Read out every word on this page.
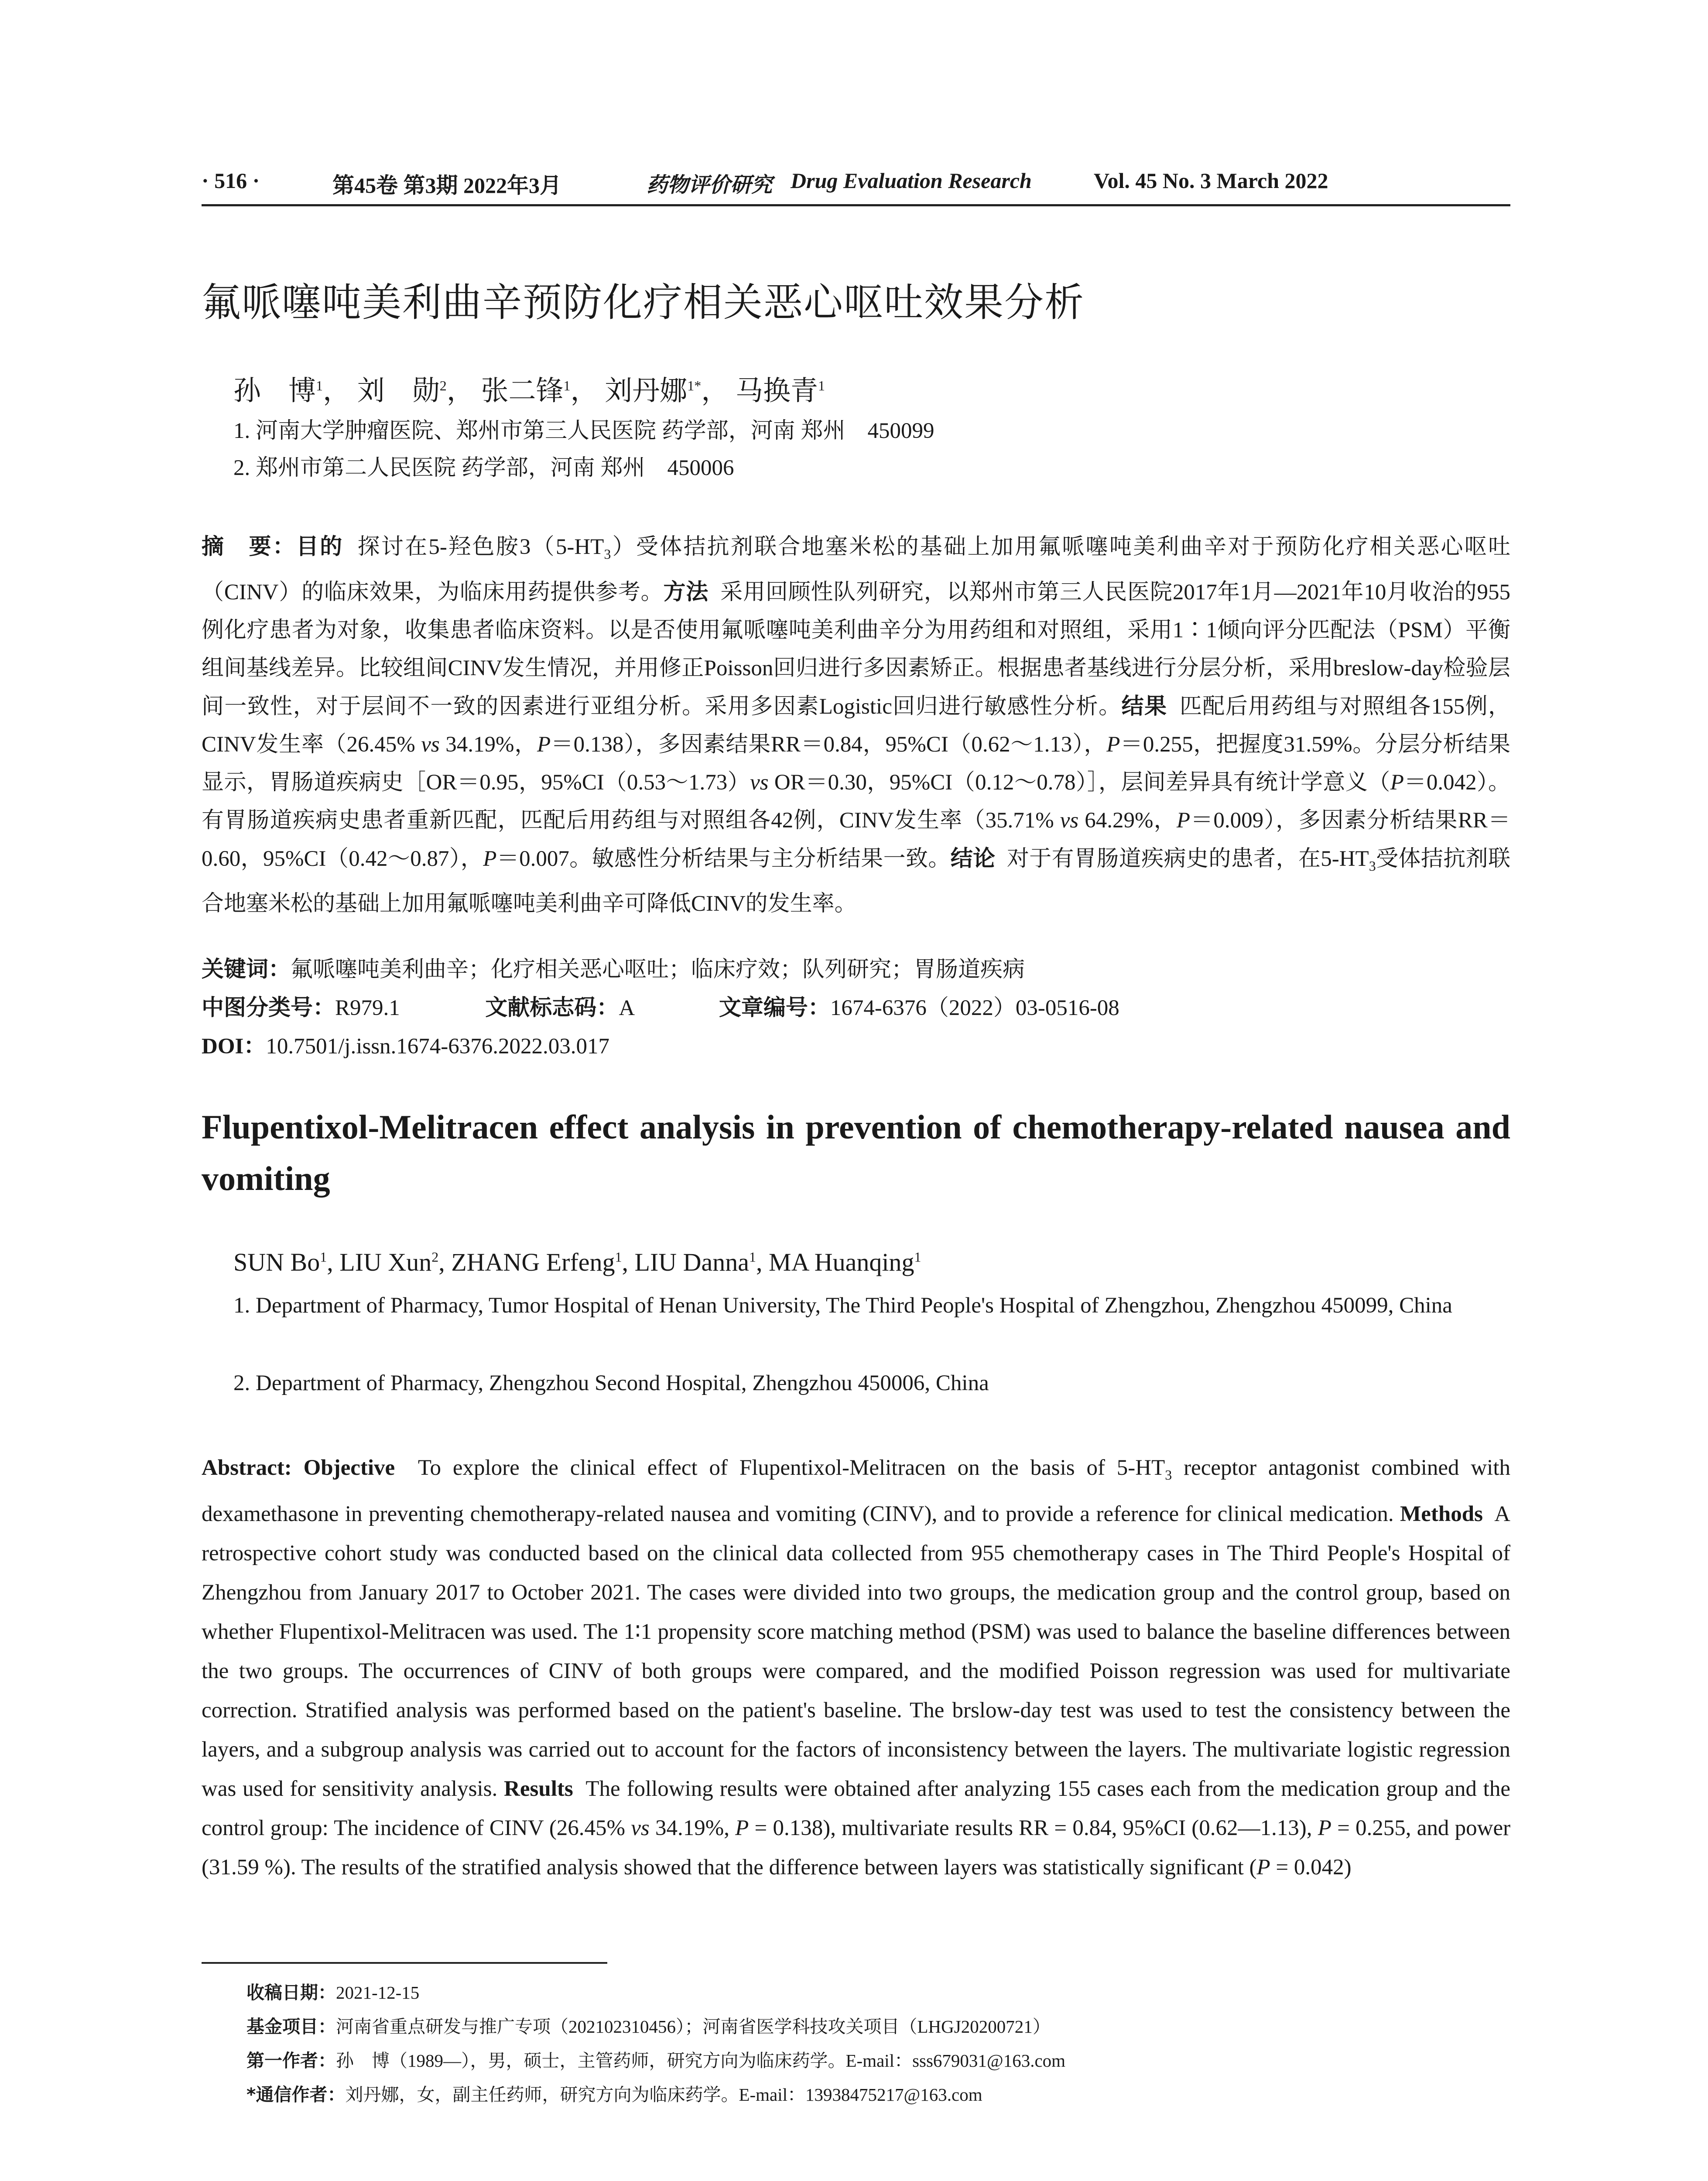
· 516 ·	第45卷 第3期 2022年3月	药物评价研究 Drug Evaluation Research	Vol. 45 No. 3 March 2022
氟哌噻吨美利曲辛预防化疗相关恶心呕吐效果分析
孙　博$^1$， 刘　勋$^2$， 张二锋$^1$， 刘丹娜$^{1*}$， 马换青$^1$
1. 河南大学肿瘤医院、郑州市第三人民医院 药学部，河南 郑州　450099
2. 郑州市第二人民医院 药学部，河南 郑州　450006
摘　要：目的 探讨在5-羟色胺$3(5-HT_3)$受体拮抗剂联合地塞米松的基础上加用氟哌噻吨美利曲辛对于预防化疗相关恶心呕吐（CINV）的临床效果，为临床用药提供参考。方法 采用回顾性队列研究，以郑州市第三人民医院2017年1月—2021年10月收治的955例化疗患者为对象，收集患者临床资料。以是否使用氟哌噻吨美利曲辛分为用药组和对照组，采用1∶1倾向评分匹配法（PSM）平衡组间基线差异。比较组间CINV发生情况，并用修正Poisson回归进行多因素矫正。根据患者基线进行分层分析，采用breslow-day检验层间一致性，对于层间不一致的因素进行亚组分析。采用多因素Logistic回归进行敏感性分析。结果 匹配后用药组与对照组各155例，CINV发生率（26.45% vs 34.19%，P＝0.138），多因素结果RR＝0.84，95%CI（0.62～1.13），P＝0.255，把握度31.59%。分层分析结果显示，胃肠道疾病史［OR＝0.95，95%CI（0.53～1.73）vs OR＝0.30，95%CI（0.12～0.78）］，层间差异具有统计学意义（P＝0.042）。有胃肠道疾病史患者重新匹配，匹配后用药组与对照组各42例，CINV发生率（35.71% vs 64.29%，P＝0.009），多因素分析结果RR＝0.60，95%CI（0.42～0.87），P＝0.007。敏感性分析结果与主分析结果一致。结论 对于有胃肠道疾病史的患者，在$5-HT_3$受体拮抗剂联合地塞米松的基础上加用氟哌噻吨美利曲辛可降低CINV的发生率。
关键词：氟哌噻吨美利曲辛；化疗相关恶心呕吐；临床疗效；队列研究；胃肠道疾病
中图分类号：R979.1	文献标志码：A	文章编号：1674-6376（2022）03-0516-08
DOI：10.7501/j.issn.1674-6376.2022.03.017
Flupentixol-Melitracen effect analysis in prevention of chemotherapy-related nausea and vomiting
SUN Bo$^1$, LIU Xun$^2$, ZHANG Erfeng$^1$, LIU Danna$^1$, MA Huanqing$^1$
1. Department of Pharmacy, Tumor Hospital of Henan University, The Third People's Hospital of Zhengzhou, Zhengzhou 450099, China
2. Department of Pharmacy, Zhengzhou Second Hospital, Zhengzhou 450006, China
Abstract: Objective To explore the clinical effect of Flupentixol-Melitracen on the basis of $5-HT_3$ receptor antagonist combined with dexamethasone in preventing chemotherapy-related nausea and vomiting (CINV), and to provide a reference for clinical medication. Methods A retrospective cohort study was conducted based on the clinical data collected from 955 chemotherapy cases in The Third People's Hospital of Zhengzhou from January 2017 to October 2021. The cases were divided into two groups, the medication group and the control group, based on whether Flupentixol-Melitracen was used. The 1∶1 propensity score matching method (PSM) was used to balance the baseline differences between the two groups. The occurrences of CINV of both groups were compared, and the modified Poisson regression was used for multivariate correction. Stratified analysis was performed based on the patient's baseline. The brslow-day test was used to test the consistency between the layers, and a subgroup analysis was carried out to account for the factors of inconsistency between the layers. The multivariate logistic regression was used for sensitivity analysis. Results The following results were obtained after analyzing 155 cases each from the medication group and the control group: The incidence of CINV (26.45% vs 34.19%, P = 0.138), multivariate results RR = 0.84, 95%CI (0.62—1.13), P = 0.255, and power (31.59 %). The results of the stratified analysis showed that the difference between layers was statistically significant (P = 0.042)
收稿日期：2021-12-15
基金项目：河南省重点研发与推广专项（202102310456）；河南省医学科技攻关项目（LHGJ20200721）
第一作者：孙　博（1989—），男，硕士，主管药师，研究方向为临床药学。E-mail：sss679031@163.com
*通信作者：刘丹娜，女，副主任药师，研究方向为临床药学。E-mail：13938475217@163.com
